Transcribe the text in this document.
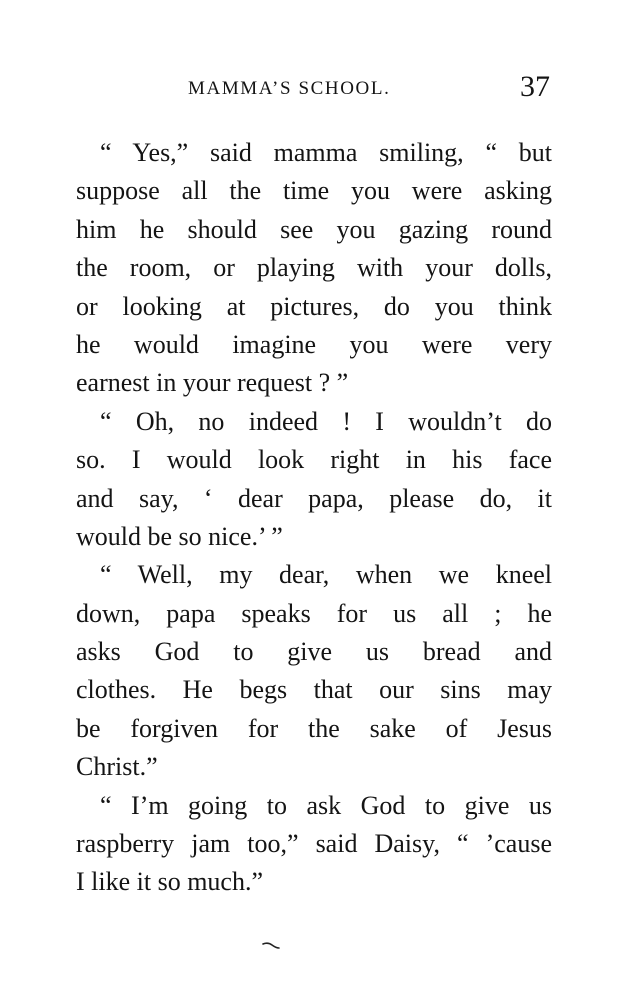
MAMMA’S SCHOOL.	37
“ Yes,” said mamma smiling, “ but
suppose all the time you were asking
him he should see you gazing round
the room, or playing with your dolls,
or looking at pictures, do you think
he would imagine you were very
earnest in your request ? ”
“ Oh, no indeed ! I wouldn’t do
so. I would look right in his face
and say, ‘ dear papa, please do, it
would be so nice.’ ”
“ Well, my dear, when we kneel
down, papa speaks for us all ; he
asks God to give us bread and
clothes. He begs that our sins may
be forgiven for the sake of Jesus
Christ.”
“ I’m going to ask God to give us
raspberry jam too,” said Daisy, “ ’cause
I like it so much.”
